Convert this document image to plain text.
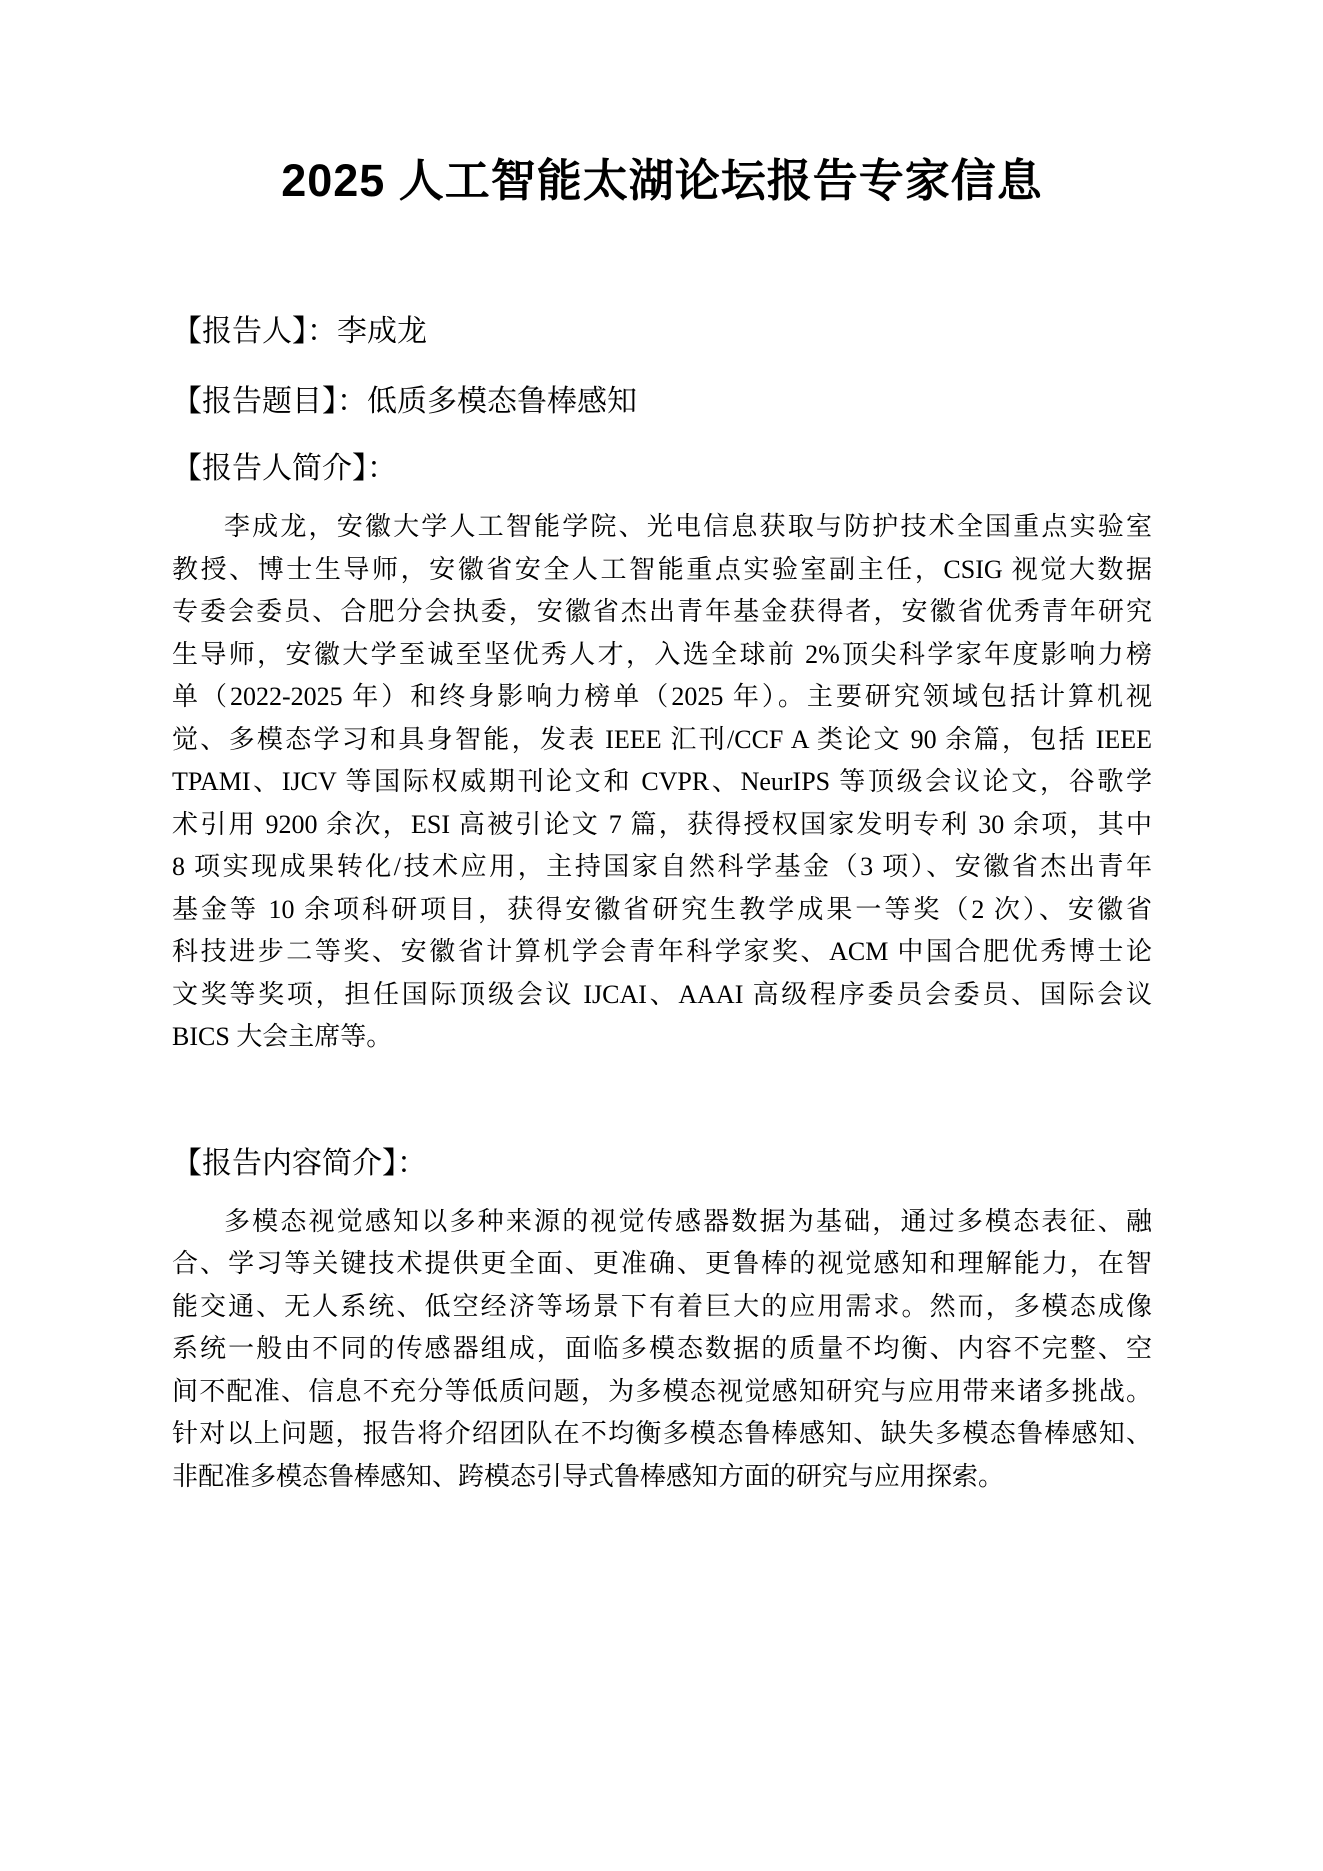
2025 人工智能太湖论坛报告专家信息
【报告人】：李成龙
【报告题目】：低质多模态鲁棒感知
【报告人简介】：
李成龙，安徽大学人工智能学院、光电信息获取与防护技术全国重点实验室
教授、博士生导师，安徽省安全人工智能重点实验室副主任，CSIG 视觉大数据
专委会委员、合肥分会执委，安徽省杰出青年基金获得者，安徽省优秀青年研究
生导师，安徽大学至诚至坚优秀人才，入选全球前 2%顶尖科学家年度影响力榜
单（2022-2025 年）和终身影响力榜单（2025 年）。主要研究领域包括计算机视
觉、多模态学习和具身智能，发表 IEEE 汇刊/CCF A 类论文 90 余篇，包括 IEEE
TPAMI、IJCV 等国际权威期刊论文和 CVPR、NeurIPS 等顶级会议论文，谷歌学
术引用 9200 余次，ESI 高被引论文 7 篇，获得授权国家发明专利 30 余项，其中
8 项实现成果转化/技术应用，主持国家自然科学基金（3 项）、安徽省杰出青年
基金等 10 余项科研项目，获得安徽省研究生教学成果一等奖（2 次）、安徽省
科技进步二等奖、安徽省计算机学会青年科学家奖、ACM 中国合肥优秀博士论
文奖等奖项，担任国际顶级会议 IJCAI、AAAI 高级程序委员会委员、国际会议
BICS 大会主席等。
【报告内容简介】：
多模态视觉感知以多种来源的视觉传感器数据为基础，通过多模态表征、融
合、学习等关键技术提供更全面、更准确、更鲁棒的视觉感知和理解能力，在智
能交通、无人系统、低空经济等场景下有着巨大的应用需求。然而，多模态成像
系统一般由不同的传感器组成，面临多模态数据的质量不均衡、内容不完整、空
间不配准、信息不充分等低质问题，为多模态视觉感知研究与应用带来诸多挑战。
针对以上问题，报告将介绍团队在不均衡多模态鲁棒感知、缺失多模态鲁棒感知、
非配准多模态鲁棒感知、跨模态引导式鲁棒感知方面的研究与应用探索。
